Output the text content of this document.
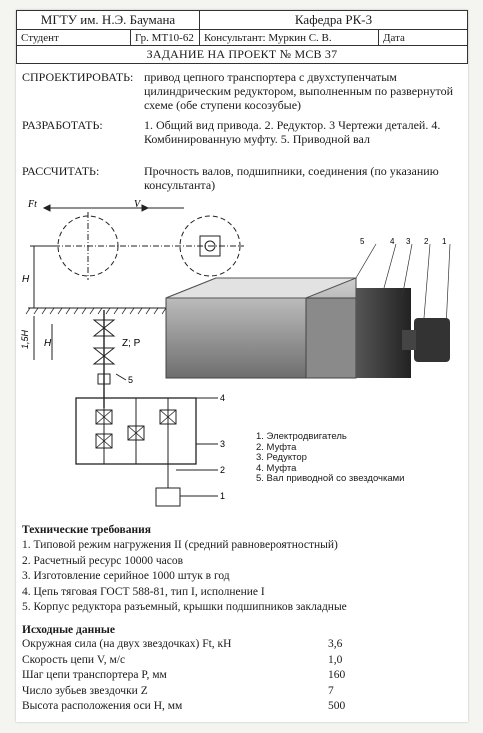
МГТУ им. Н.Э. Баумана		Кафедра РК-3	
Студент	Гр. МТ10-62	Консультант: Муркин С. В.	Дата
ЗАДАНИЕ НА ПРОЕКТ № МСВ 37			
СПРОЕКТИРОВАТЬ: привод цепного транспортера с двухступенчатым цилиндрическим редуктором, выполненным по развернутой схеме (обе ступени косозубые)
РАЗРАБОТАТЬ:	1. Общий вид привода. 2. Редуктор. 3 Чертежи деталей. 4. Комбинированную муфту. 5. Приводной вал
РАССЧИТАТЬ:	Прочность валов, подшипники, соединения (по указанию консультанта)
Ft	V
H
1,5H H	Z; P
4
3
2
1
5
5	4 3 2 1
1. Электродвигатель
2. Муфта
3. Редуктор
4. Муфта
5. Вал приводной со звездочками
Технические требования
1. Типовой режим нагружения II (средний равновероятностный)
2. Расчетный ресурс 10000 часов
3. Изготовление серийное 1000 штук в год
4. Цепь тяговая ГОСТ 588-81, тип I, исполнение I
5. Корпус редуктора разъемный, крышки подшипников закладные
Исходные данные
Окружная сила (на двух звездочках) Ft, кН	3,6
Скорость цепи V, м/с	1,0
Шаг цепи транспортера P, мм	160
Число зубьев звездочки Z	7
Высота расположения оси H, мм	500
